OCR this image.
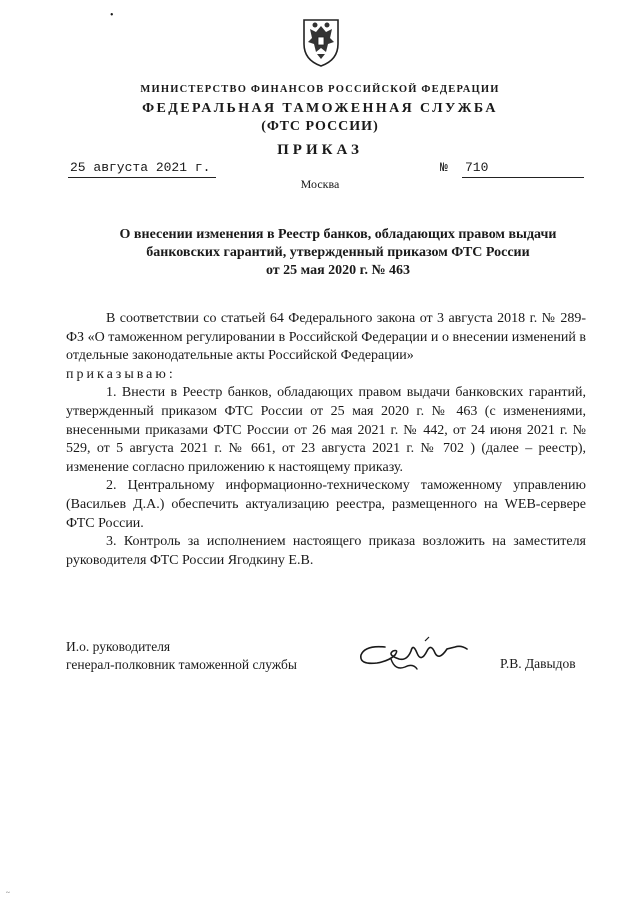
•
МИНИСТЕРСТВО ФИНАНСОВ РОССИЙСКОЙ ФЕДЕРАЦИИ
ФЕДЕРАЛЬНАЯ ТАМОЖЕННАЯ СЛУЖБА
(ФТС РОССИИ)
ПРИКАЗ
25 августа 2021 г.	№ 710
Москва
О внесении изменения в Реестр банков, обладающих правом выдачи
банковских гарантий, утвержденный приказом ФТС России
от 25 мая 2020 г. № 463

В соответствии со статьей 64 Федерального закона от 3 августа 2018 г. № 289-ФЗ «О таможенном регулировании в Российской Федерации и о внесении изменений в отдельные законодательные акты Российской Федерации»

приказываю:

1. Внести в Реестр банков, обладающих правом выдачи банковских гарантий, утвержденный приказом ФТС России от 25 мая 2020 г. № 463 (с изменениями, внесенными приказами ФТС России от 26 мая 2021 г. № 442, от 24 июня 2021 г. № 529, от 5 августа 2021 г. № 661, от 23 августа 2021 г. № 702 ) (далее – реестр), изменение согласно приложению к настоящему приказу.

2. Центральному информационно-техническому таможенному управлению (Васильев Д.А.) обеспечить актуализацию реестра, размещенного на WEB-сервере ФТС России.

3. Контроль за исполнением настоящего приказа возложить на заместителя руководителя ФТС России Ягодкину Е.В.

И.о. руководителя
генерал-полковник таможенной службы	Р.В. Давыдов
~
